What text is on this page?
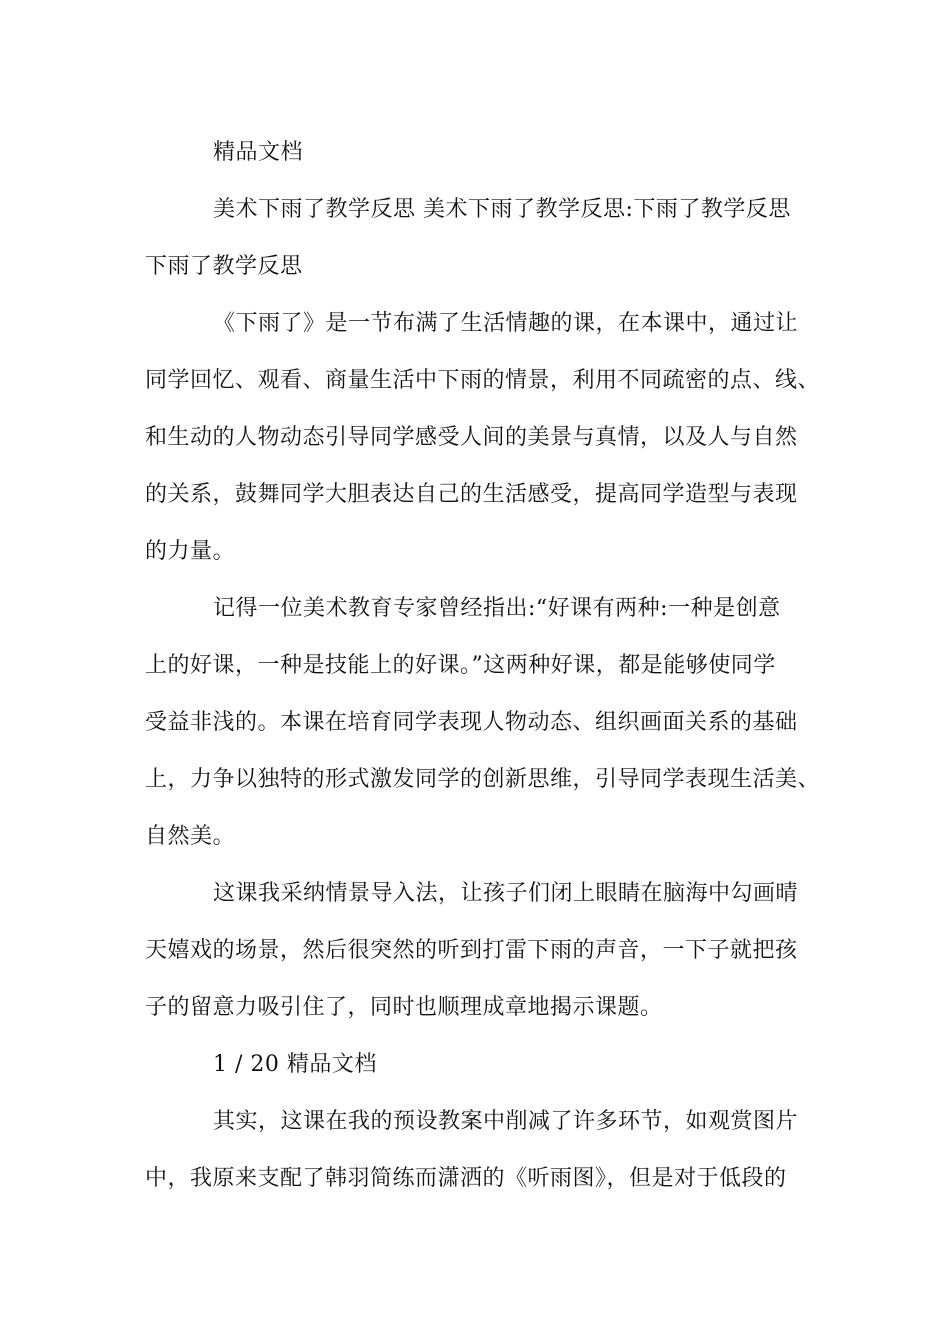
精品文档
美术下雨了教学反思 美术下雨了教学反思:下雨了教学反思
下雨了教学反思
《下雨了》是一节布满了生活情趣的课，在本课中，通过让
同学回忆、观看、商量生活中下雨的情景，利用不同疏密的点、线、
和生动的人物动态引导同学感受人间的美景与真情，以及人与自然
的关系，鼓舞同学大胆表达自己的生活感受，提高同学造型与表现
的力量。
记得一位美术教育专家曾经指出:“好课有两种:一种是创意
上的好课，一种是技能上的好课。”这两种好课，都是能够使同学
受益非浅的。本课在培育同学表现人物动态、组织画面关系的基础
上，力争以独特的形式激发同学的创新思维，引导同学表现生活美、
自然美。
这课我采纳情景导入法，让孩子们闭上眼睛在脑海中勾画晴
天嬉戏的场景，然后很突然的听到打雷下雨的声音，一下子就把孩
子的留意力吸引住了，同时也顺理成章地揭示课题。
1 / 20 精品文档
其实，这课在我的预设教案中削减了许多环节，如观赏图片
中，我原来支配了韩羽简练而潇洒的《听雨图》，但是对于低段的
